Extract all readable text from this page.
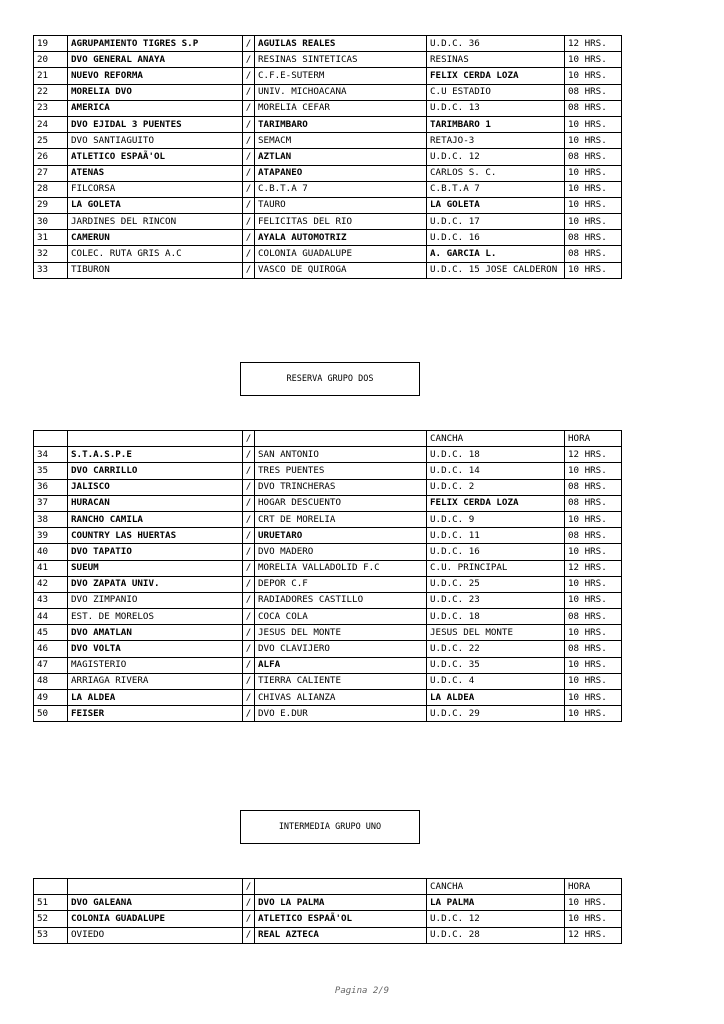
19	AGRUPAMIENTO TIGRES S.P	/	AGUILAS REALES	U.D.C. 36	12 HRS.
20	DVO GENERAL ANAYA	/	RESINAS SINTETICAS	RESINAS	10 HRS.
21	NUEVO REFORMA	/	C.F.E-SUTERM	FELIX CERDA LOZA	10 HRS.
22	MORELIA DVO	/	UNIV. MICHOACANA	C.U ESTADIO	08 HRS.
23	AMERICA	/	MORELIA CEFAR	U.D.C. 13	08 HRS.
24	DVO EJIDAL 3 PUENTES	/	TARIMBARO	TARIMBARO 1	10 HRS.
25	DVO SANTIAGUITO	/	SEMACM	RETAJO-3	10 HRS.
26	ATLETICO ESPAÃ'OL	/	AZTLAN	U.D.C. 12	08 HRS.
27	ATENAS	/	ATAPANEO	CARLOS S. C.	10 HRS.
28	FILCORSA	/	C.B.T.A 7	C.B.T.A 7	10 HRS.
29	LA GOLETA	/	TAURO	LA GOLETA	10 HRS.
30	JARDINES DEL RINCON	/	FELICITAS DEL RIO	U.D.C. 17	10 HRS.
31	CAMERUN	/	AYALA AUTOMOTRIZ	U.D.C. 16	08 HRS.
32	COLEC. RUTA GRIS A.C	/	COLONIA GUADALUPE	A. GARCIA L.	08 HRS.
33	TIBURON	/	VASCO DE QUIROGA	U.D.C. 15 JOSE CALDERON	10 HRS.
RESERVA GRUPO DOS
		/		CANCHA	HORA
34	S.T.A.S.P.E	/	SAN ANTONIO	U.D.C. 18	12 HRS.
35	DVO CARRILLO	/	TRES PUENTES	U.D.C. 14	10 HRS.
36	JALISCO	/	DVO TRINCHERAS	U.D.C. 2	08 HRS.
37	HURACAN	/	HOGAR DESCUENTO	FELIX CERDA LOZA	08 HRS.
38	RANCHO CAMILA	/	CRT DE MORELIA	U.D.C. 9	10 HRS.
39	COUNTRY LAS HUERTAS	/	URUETARO	U.D.C. 11	08 HRS.
40	DVO TAPATIO	/	DVO MADERO	U.D.C. 16	10 HRS.
41	SUEUM	/	MORELIA VALLADOLID F.C	C.U. PRINCIPAL	12 HRS.
42	DVO ZAPATA UNIV.	/	DEPOR C.F	U.D.C. 25	10 HRS.
43	DVO ZIMPANIO	/	RADIADORES CASTILLO	U.D.C. 23	10 HRS.
44	EST. DE MORELOS	/	COCA COLA	U.D.C. 18	08 HRS.
45	DVO AMATLAN	/	JESUS DEL MONTE	JESUS DEL MONTE	10 HRS.
46	DVO VOLTA	/	DVO CLAVIJERO	U.D.C. 22	08 HRS.
47	MAGISTERIO	/	ALFA	U.D.C. 35	10 HRS.
48	ARRIAGA RIVERA	/	TIERRA CALIENTE	U.D.C. 4	10 HRS.
49	LA ALDEA	/	CHIVAS ALIANZA	LA ALDEA	10 HRS.
50	FEISER	/	DVO E.DUR	U.D.C. 29	10 HRS.
INTERMEDIA GRUPO UNO
		/		CANCHA	HORA
51	DVO GALEANA	/	DVO LA PALMA	LA PALMA	10 HRS.
52	COLONIA GUADALUPE	/	ATLETICO ESPAÃ'OL	U.D.C. 12	10 HRS.
53	OVIEDO	/	REAL AZTECA	U.D.C. 28	12 HRS.
Pagina 2/9
